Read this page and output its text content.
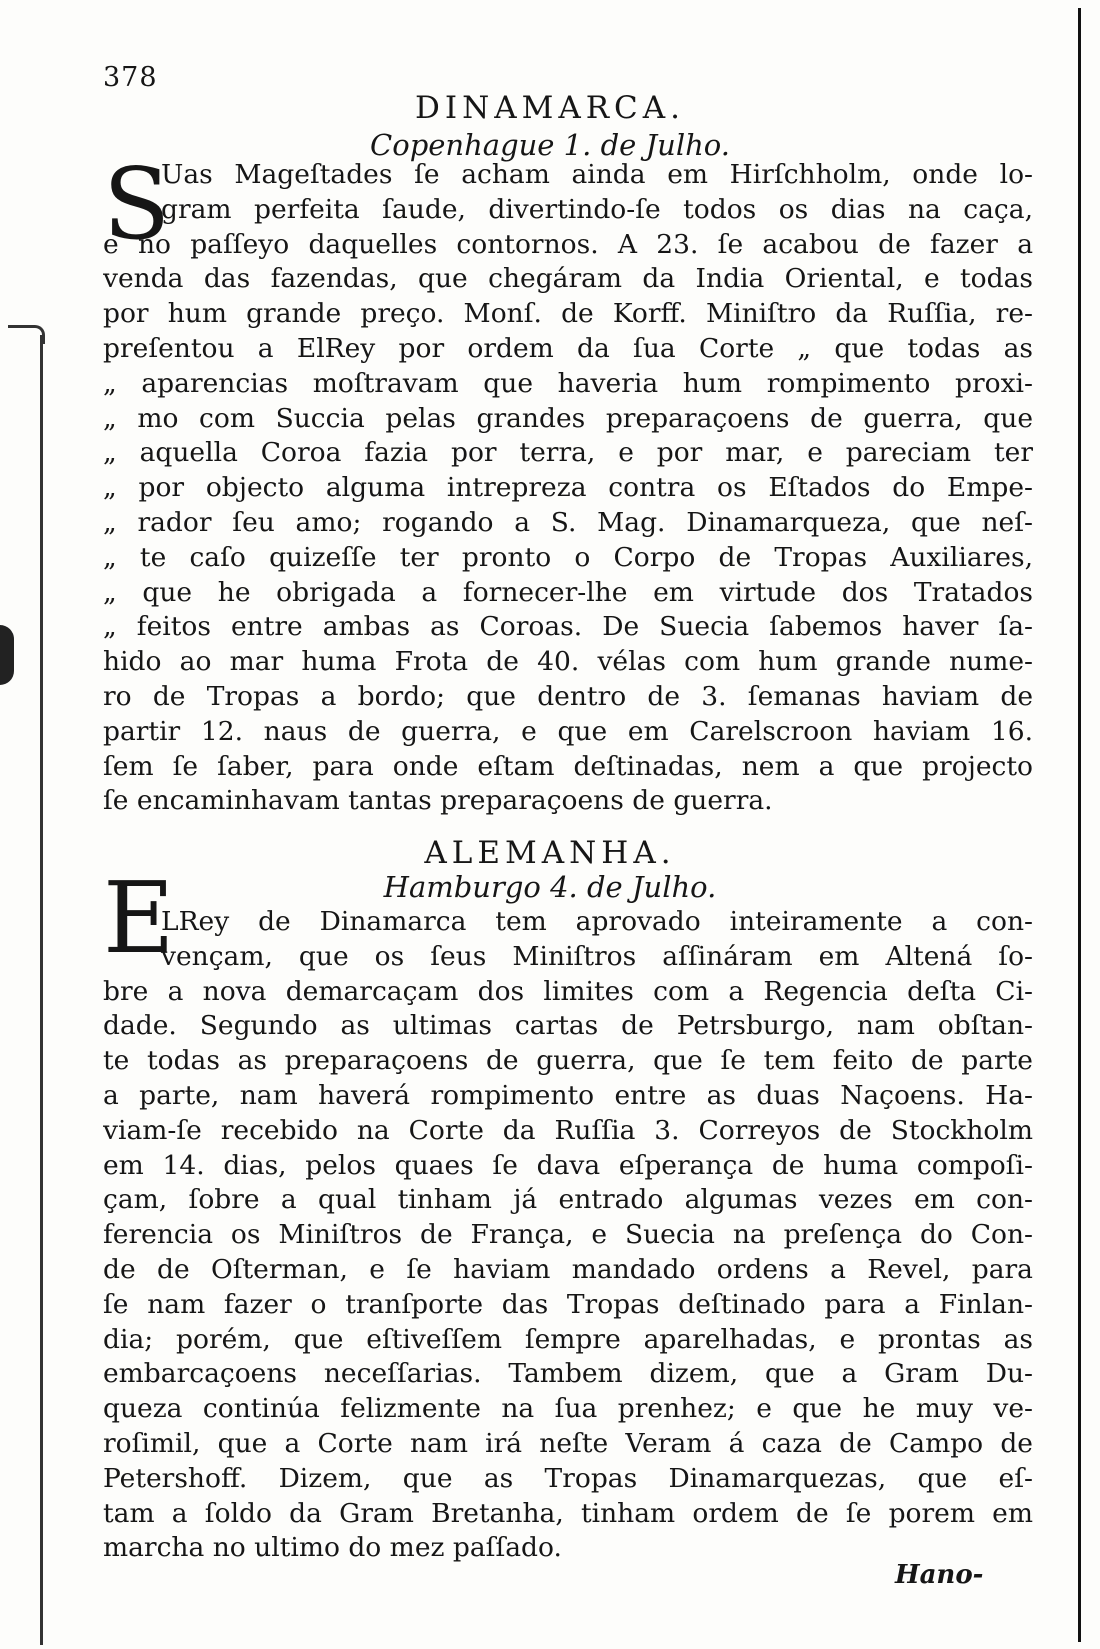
378
DINAMARCA.
Copenhague 1. de Julho.
S
Uas Mageſtades ſe acham ainda em Hirſchholm, onde lo-
gram perfeita ſaude, divertindo-ſe todos os dias na caça,
e no paſſeyo daquelles contornos. A 23. ſe acabou de fazer a
venda das fazendas, que chegáram da India Oriental, e todas
por hum grande preço. Monſ. de Korff. Miniſtro da Ruſſia, re-
preſentou a ElRey por ordem da ſua Corte „ que todas as
„ aparencias moſtravam que haveria hum rompimento proxi-
„ mo com Succia pelas grandes preparaçoens de guerra, que
„ aquella Coroa fazia por terra, e por mar, e pareciam ter
„ por objecto alguma intrepreza contra os Eſtados do Empe-
„ rador ſeu amo; rogando a S. Mag. Dinamarqueza, que neſ-
„ te caſo quizeſſe ter pronto o Corpo de Tropas Auxiliares,
„ que he obrigada a fornecer-lhe em virtude dos Tratados
„ feitos entre ambas as Coroas. De Suecia ſabemos haver ſa-
hido ao mar huma Frota de 40. vélas com hum grande nume-
ro de Tropas a bordo; que dentro de 3. ſemanas haviam de
partir 12. naus de guerra, e que em Carelscroon haviam 16.
ſem ſe ſaber, para onde eſtam deſtinadas, nem a que projecto
ſe encaminhavam tantas preparaçoens de guerra.
ALEMANHA.
Hamburgo 4. de Julho.
E
LRey de Dinamarca tem aprovado inteiramente a con-
vençam, que os ſeus Miniſtros aſſináram em Altená ſo-
bre a nova demarcaçam dos limites com a Regencia deſta Ci-
dade. Segundo as ultimas cartas de Petrsburgo, nam obſtan-
te todas as preparaçoens de guerra, que ſe tem feito de parte
a parte, nam haverá rompimento entre as duas Naçoens. Ha-
viam-ſe recebido na Corte da Ruſſia 3. Correyos de Stockholm
em 14. dias, pelos quaes ſe dava eſperança de huma compoſi-
çam, ſobre a qual tinham já entrado algumas vezes em con-
ferencia os Miniſtros de França, e Suecia na preſença do Con-
de de Oſterman, e ſe haviam mandado ordens a Revel, para
ſe nam fazer o tranſporte das Tropas deſtinado para a Finlan-
dia; porém, que eſtiveſſem ſempre aparelhadas, e prontas as
embarcaçoens neceſſarias. Tambem dizem, que a Gram Du-
queza continúa felizmente na ſua prenhez; e que he muy ve-
roſimil, que a Corte nam irá neſte Veram á caza de Campo de
Petershoff. Dizem, que as Tropas Dinamarquezas, que eſ-
tam a ſoldo da Gram Bretanha, tinham ordem de ſe porem em
marcha no ultimo do mez paſſado.
Hano-
